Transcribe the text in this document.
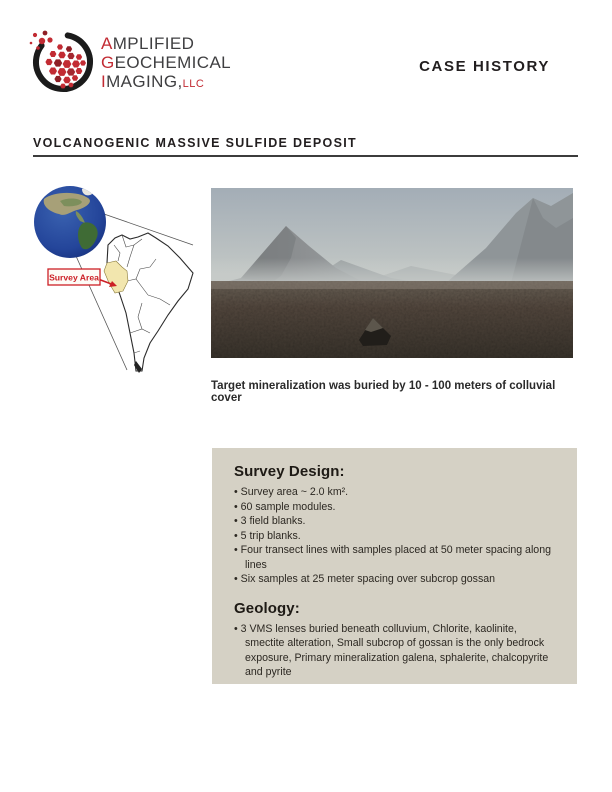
AMPLIFIED
GEOCHEMICAL
IMAGING,LLC
CASE HISTORY
VOLCANOGENIC MASSIVE SULFIDE DEPOSIT
Survey Area
Target mineralization was buried by 10 - 100 meters of colluvial cover
Survey Design:
• Survey area ~ 2.0 km².
• 60 sample modules.
• 3 field blanks.
• 5 trip blanks.
• Four transect lines with samples placed at 50 meter spacing along lines
• Six samples at 25 meter spacing over subcrop gossan
Geology:
• 3 VMS lenses buried beneath colluvium, Chlorite, kaolinite, smectite alteration, Small subcrop of gossan is the only bedrock exposure, Primary mineralization galena, sphalerite, chalcopyrite and pyrite
